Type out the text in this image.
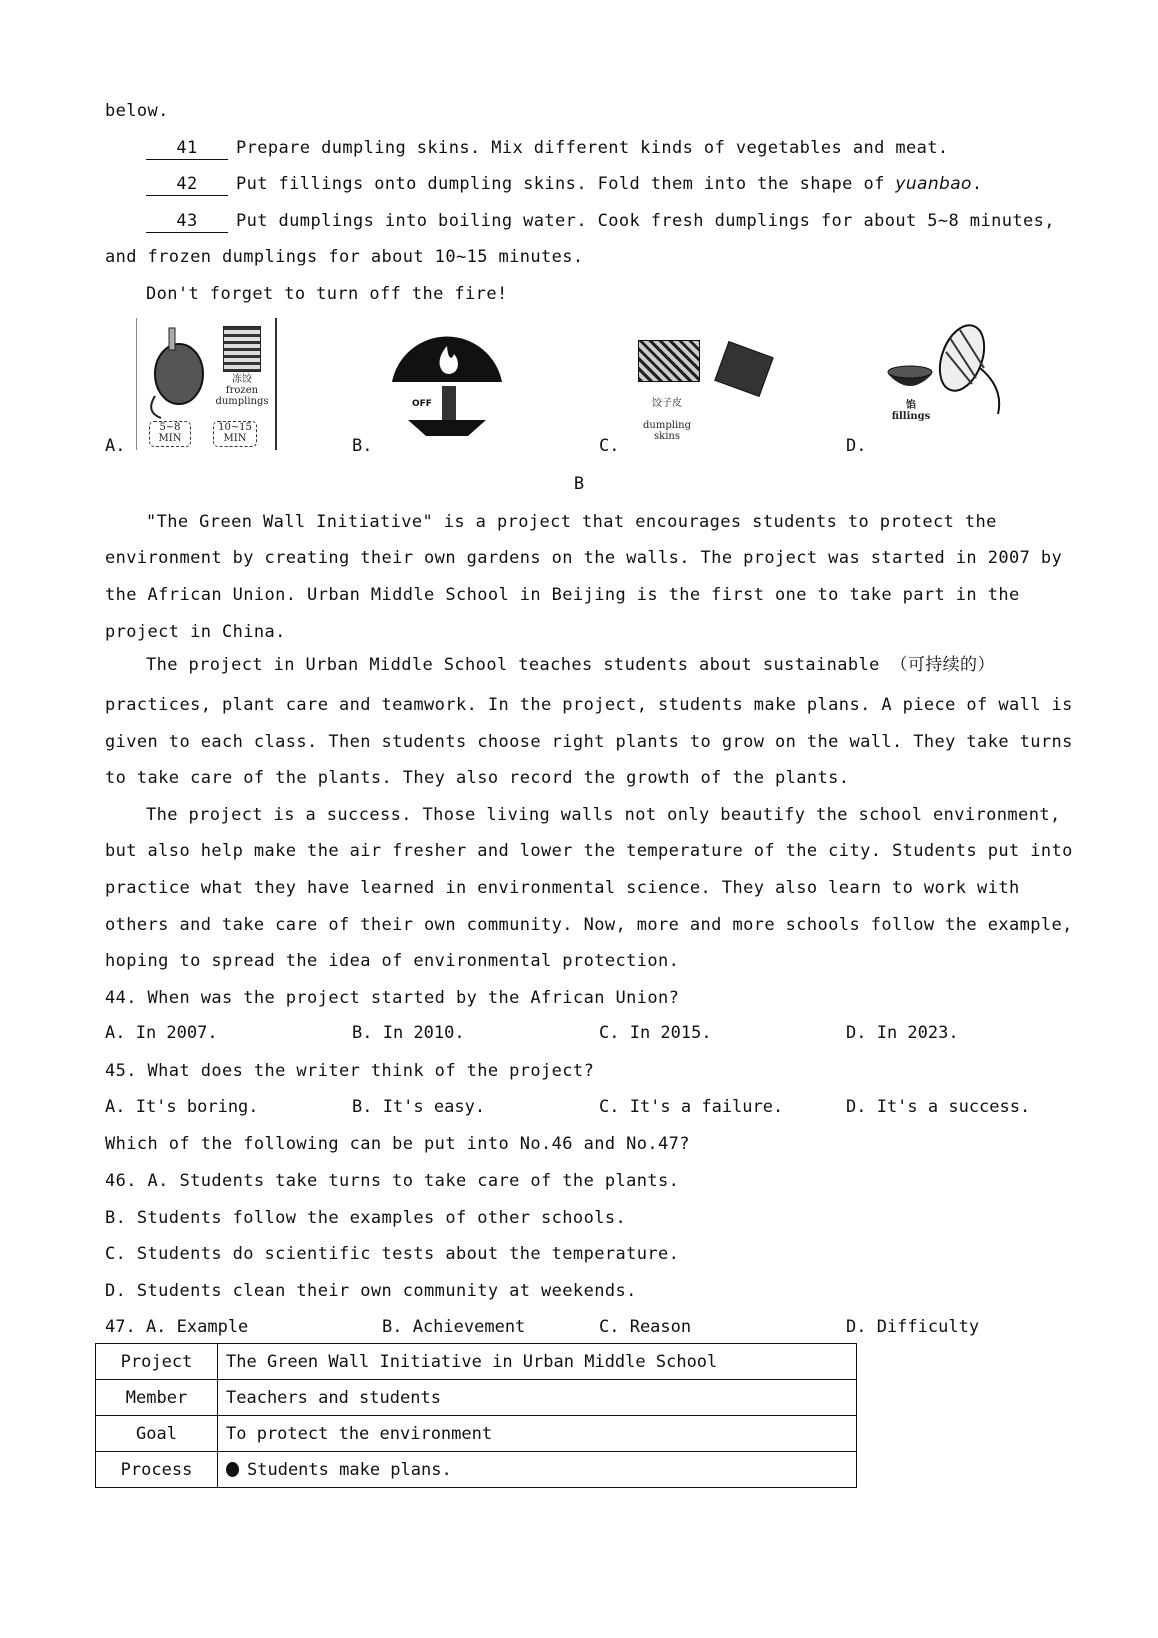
below.
41 Prepare dumpling skins. Mix different kinds of vegetables and meat.
42 Put fillings onto dumpling skins. Fold them into the shape of yuanbao.
43 Put dumplings into boiling water. Cook fresh dumplings for about 5~8 minutes,
and frozen dumplings for about 10~15 minutes.
Don't forget to turn off the fire!
A.
冻饺
frozen
dumplings
5~8
MIN
10~15
MIN	B.
OFF
C.
饺子皮

dumpling
skins	D.
馅
fillings
B
"The Green Wall Initiative" is a project that encourages students to protect the
environment by creating their own gardens on the walls. The project was started in 2007 by
the African Union. Urban Middle School in Beijing is the first one to take part in the
project in China.
The project in Urban Middle School teaches students about sustainable （可持续的）
practices, plant care and teamwork. In the project, students make plans. A piece of wall is
given to each class. Then students choose right plants to grow on the wall. They take turns
to take care of the plants. They also record the growth of the plants.
The project is a success. Those living walls not only beautify the school environment,
but also help make the air fresher and lower the temperature of the city. Students put into
practice what they have learned in environmental science. They also learn to work with
others and take care of their own community. Now, more and more schools follow the example,
hoping to spread the idea of environmental protection.
44. When was the project started by the African Union?
A. In 2007.	B. In 2010.	C. In 2015.	D. In 2023.
45. What does the writer think of the project?
A. It's boring.	B. It's easy.	C. It's a failure.	D. It's a success.
Which of the following can be put into No.46 and No.47?
46. A. Students take turns to take care of the plants.
B. Students follow the examples of other schools.
C. Students do scientific tests about the temperature.
D. Students clean their own community at weekends.
47. A. Example	B. Achievement	C. Reason	D. Difficulty
Project	The Green Wall Initiative in Urban Middle School
Member	Teachers and students
Goal	To protect the environment
Process	Students make plans.
